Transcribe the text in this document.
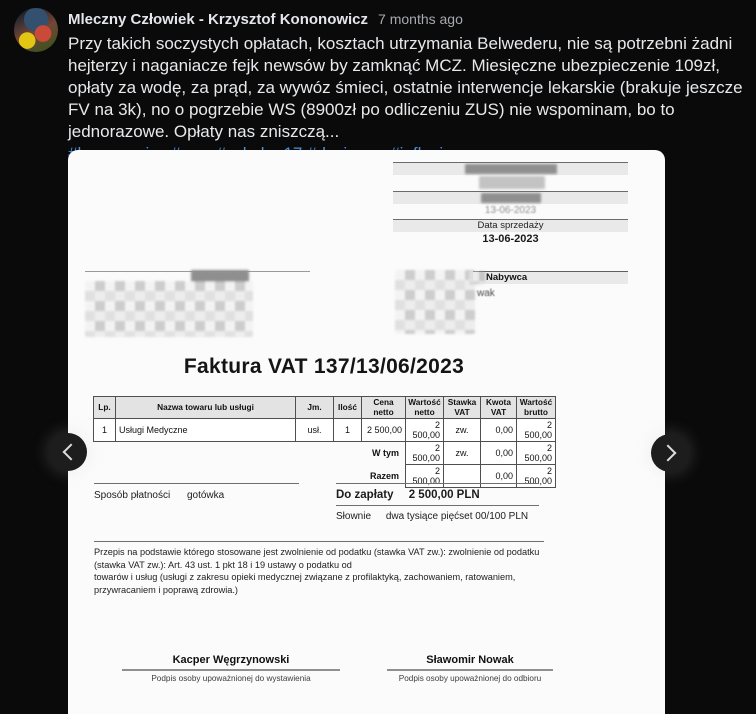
Mleczny Człowiek - Krzysztof Kononowicz 7 months ago
Przy takich soczystych opłatach, kosztach utrzymania Belwederu, nie są potrzebni żadni hejterzy i naganiacze fejk newsów by zamknąć MCZ. Miesięczne ubezpieczenie 109zł, opłaty za wodę, za prąd, za wywóz śmieci, ostatnie interwencje lekarskie (brakuje jeszcze FV na 3k), no o pogrzebie WS (8900zł po odliczeniu ZUS) nie wspominam, bo to jednorazowe. Opłaty nas zniszczą...
13-06-2023
Data sprzedaży
13-06-2023
Nabywca
wak
Faktura VAT 137/13/06/2023
Lp.	Nazwa towaru lub usługi	Jm.	Ilość	Cena netto	Wartość netto	Stawka VAT	Kwota VAT	Wartość brutto
1	Usługi Medyczne	usł.	1	2 500,00	2 500,00	zw.	0,00	2 500,00
W tym					2 500,00	zw.	0,00	2 500,00
Razem					2 500,00		0,00	2 500,00
Sposób płatności gotówka	Do zapłaty 2 500,00 PLN
Słownie dwa tysiące pięćset 00/100 PLN

Przepis na podstawie którego stosowane jest zwolnienie od podatku (stawka VAT zw.): zwolnienie od podatku (stawka VAT zw.): Art. 43 ust. 1 pkt 18 i 19 ustawy o podatku od

towarów i usług (usługi z zakresu opieki medycznej związane z profilaktyką, zachowaniem, ratowaniem, przywracaniem i poprawą zdrowia.)

Kacper Węgrzynowski
Podpis osoby upoważnionej do wystawienia
Sławomir Nowak
Podpis osoby upoważnionej do odbioru
